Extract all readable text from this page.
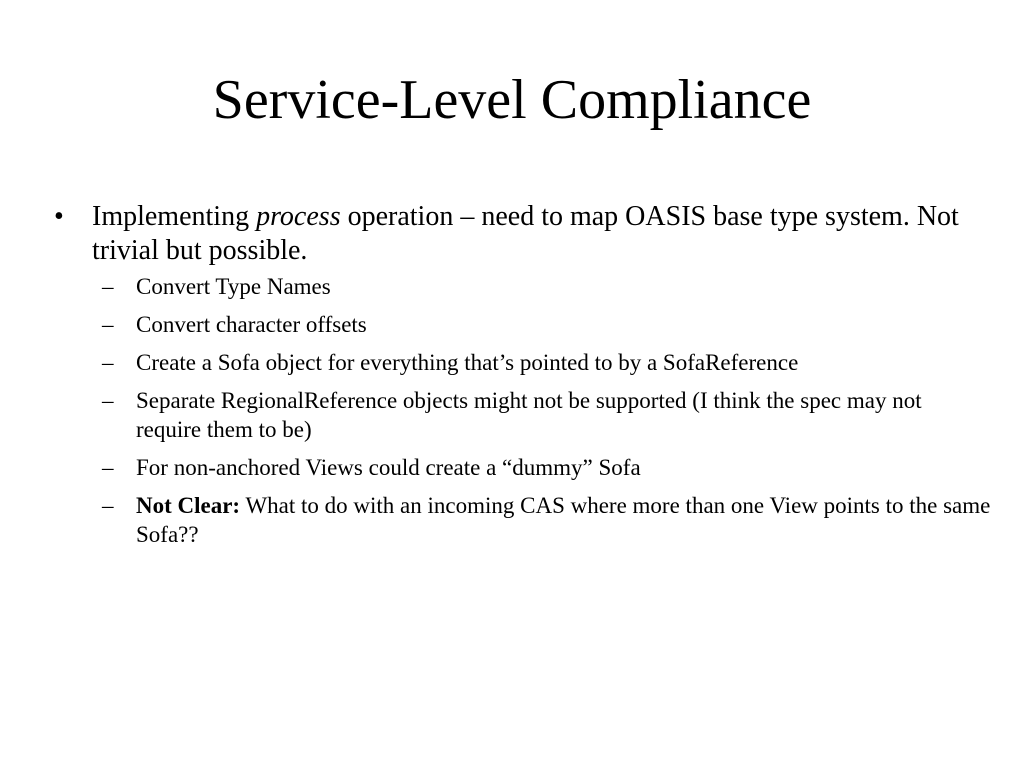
Service-Level Compliance
• Implementing process operation – need to map OASIS base type system. Not trivial but possible.
– Convert Type Names
– Convert character offsets
– Create a Sofa object for everything that’s pointed to by a SofaReference
– Separate RegionalReference objects might not be supported (I think the spec may not require them to be)
– For non-anchored Views could create a “dummy” Sofa
– Not Clear: What to do with an incoming CAS where more than one View points to the same Sofa??
